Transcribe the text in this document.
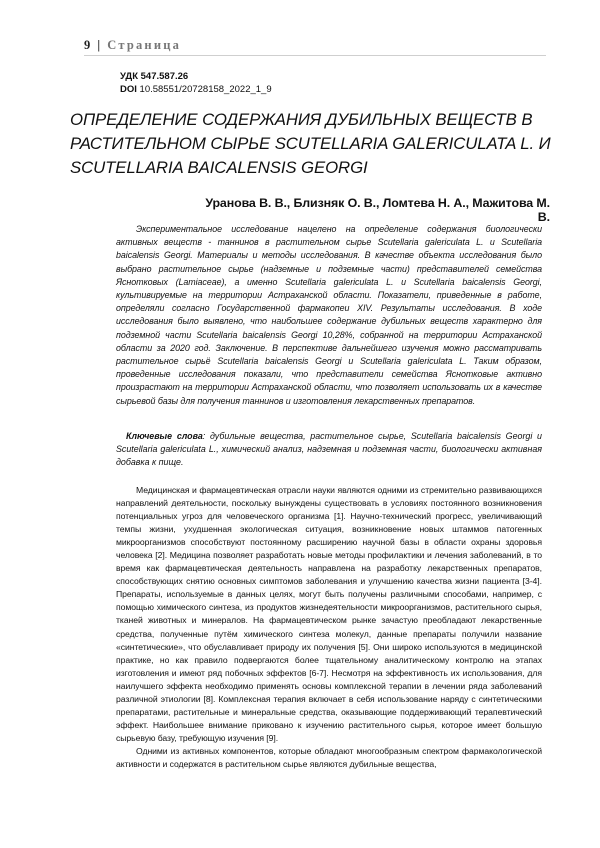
9 | Страница
УДК 547.587.26
DOI 10.58551/20728158_2022_1_9
ОПРЕДЕЛЕНИЕ СОДЕРЖАНИЯ ДУБИЛЬНЫХ ВЕЩЕСТВ В РАСТИТЕЛЬНОМ СЫРЬЕ SCUTELLARIA GALERICULATA L. И SCUTELLARIA BAICALENSIS GEORGI
Уранова В. В., Близняк О. В., Ломтева Н. А., Мажитова М. В.

Экспериментальное исследование нацелено на определение содержания биологически активных веществ - таннинов в растительном сырье Scutellaria galericulata L. и Scutellaria baicalensis Georgi. Материалы и методы исследования. В качестве объекта исследования было выбрано растительное сырье (надземные и подземные части) представителей семейства Яснотковых (Lamiaceae), а именно Scutellaria galericulata L. и Scutellaria baicalensis Georgi, культивируемые на территории Астраханской области. Показатели, приведенные в работе, определяли согласно Государственной фармакопеи XIV. Результаты исследования. В ходе исследования было выявлено, что наибольшее содержание дубильных веществ характерно для подземной части Scutellaria baicalensis Georgi 10,28%, собранной на территории Астраханской области за 2020 год. Заключение. В перспективе дальнейшего изучения можно рассматривать растительное сырьё Scutellaria baicalensis Georgi и Scutellaria galericulata L. Таким образом, проведенные исследования показали, что представители семейства Яснотковые активно произрастают на территории Астраханской области, что позволяет использовать их в качестве сырьевой базы для получения таннинов и изготовления лекарственных препаратов.

Ключевые слова: дубильные вещества, растительное сырье, Scutellaria baicalensis Georgi и Scutellaria galericulata L., химический анализ, надземная и подземная части, биологически активная добавка к пище.

Медицинская и фармацевтическая отрасли науки являются одними из стремительно развивающихся направлений деятельности, поскольку вынуждены существовать в условиях постоянного возникновения потенциальных угроз для человеческого организма [1]. Научно-технический прогресс, увеличивающий темпы жизни, ухудшенная экологическая ситуация, возникновение новых штаммов патогенных микроорганизмов способствуют постоянному расширению научной базы в области охраны здоровья человека [2]. Медицина позволяет разработать новые методы профилактики и лечения заболеваний, в то время как фармацевтическая деятельность направлена на разработку лекарственных препаратов, способствующих снятию основных симптомов заболевания и улучшению качества жизни пациента [3-4]. Препараты, используемые в данных целях, могут быть получены различными способами, например, с помощью химического синтеза, из продуктов жизнедеятельности микроорганизмов, растительного сырья, тканей животных и минералов. На фармацевтическом рынке зачастую преобладают лекарственные средства, полученные путём химического синтеза молекул, данные препараты получили название «синтетические», что обуславливает природу их получения [5]. Они широко используются в медицинской практике, но как правило подвергаются более тщательному аналитическому контролю на этапах изготовления и имеют ряд побочных эффектов [6-7]. Несмотря на эффективность их использования, для наилучшего эффекта необходимо применять основы комплексной терапии в лечении ряда заболеваний различной этиологии [8]. Комплексная терапия включает в себя использование наряду с синтетическими препаратами, растительные и минеральные средства, оказывающие поддерживающий терапевтический эффект. Наибольшее внимание приковано к изучению растительного сырья, которое имеет большую сырьевую базу, требующую изучения [9].

Одними из активных компонентов, которые обладают многообразным спектром фармакологической активности и содержатся в растительном сырье являются дубильные вещества,
